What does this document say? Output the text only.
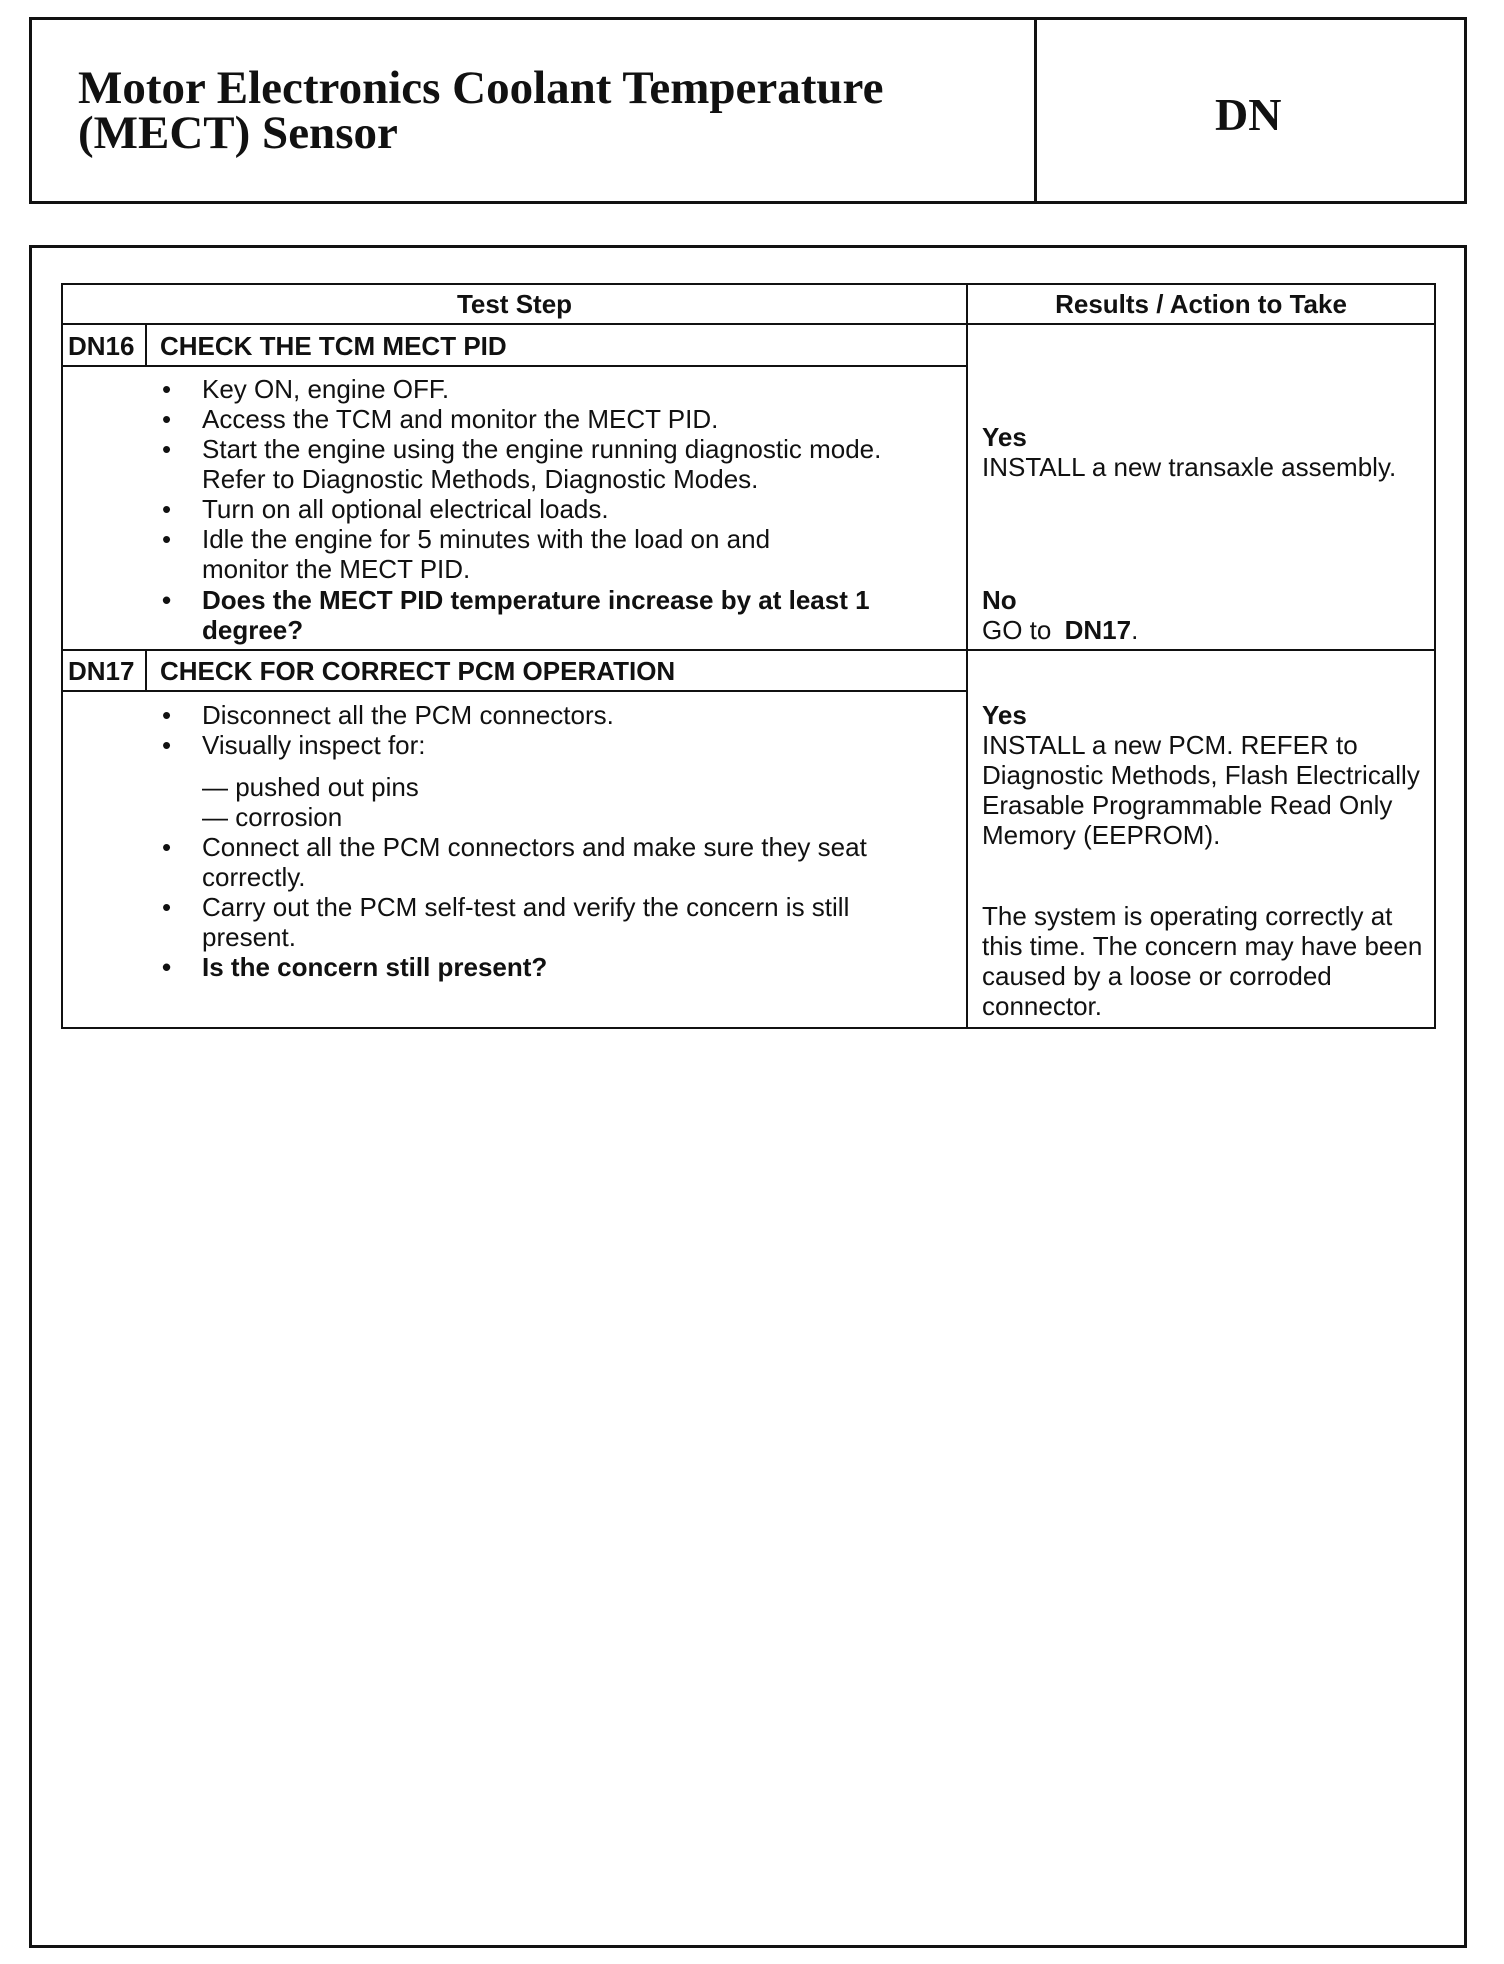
Motor Electronics Coolant Temperature (MECT) Sensor	DN
Test Step	Results / Action to Take
DN16 CHECK THE TCM MECT PID
• Key ON, engine OFF.
• Access the TCM and monitor the MECT PID.
• Start the engine using the engine running diagnostic mode. Refer to Diagnostic Methods, Diagnostic Modes.
• Turn on all optional electrical loads.
• Idle the engine for 5 minutes with the load on and monitor the MECT PID.
• Does the MECT PID temperature increase by at least 1 degree?
Yes
INSTALL a new transaxle assembly.
No
GO to DN17.
DN17 CHECK FOR CORRECT PCM OPERATION
• Disconnect all the PCM connectors.
• Visually inspect for:
— pushed out pins
— corrosion
• Connect all the PCM connectors and make sure they seat correctly.
• Carry out the PCM self-test and verify the concern is still present.
• Is the concern still present?
Yes
INSTALL a new PCM. REFER to Diagnostic Methods, Flash Electrically Erasable Programmable Read Only Memory (EEPROM).
The system is operating correctly at this time. The concern may have been caused by a loose or corroded connector.
